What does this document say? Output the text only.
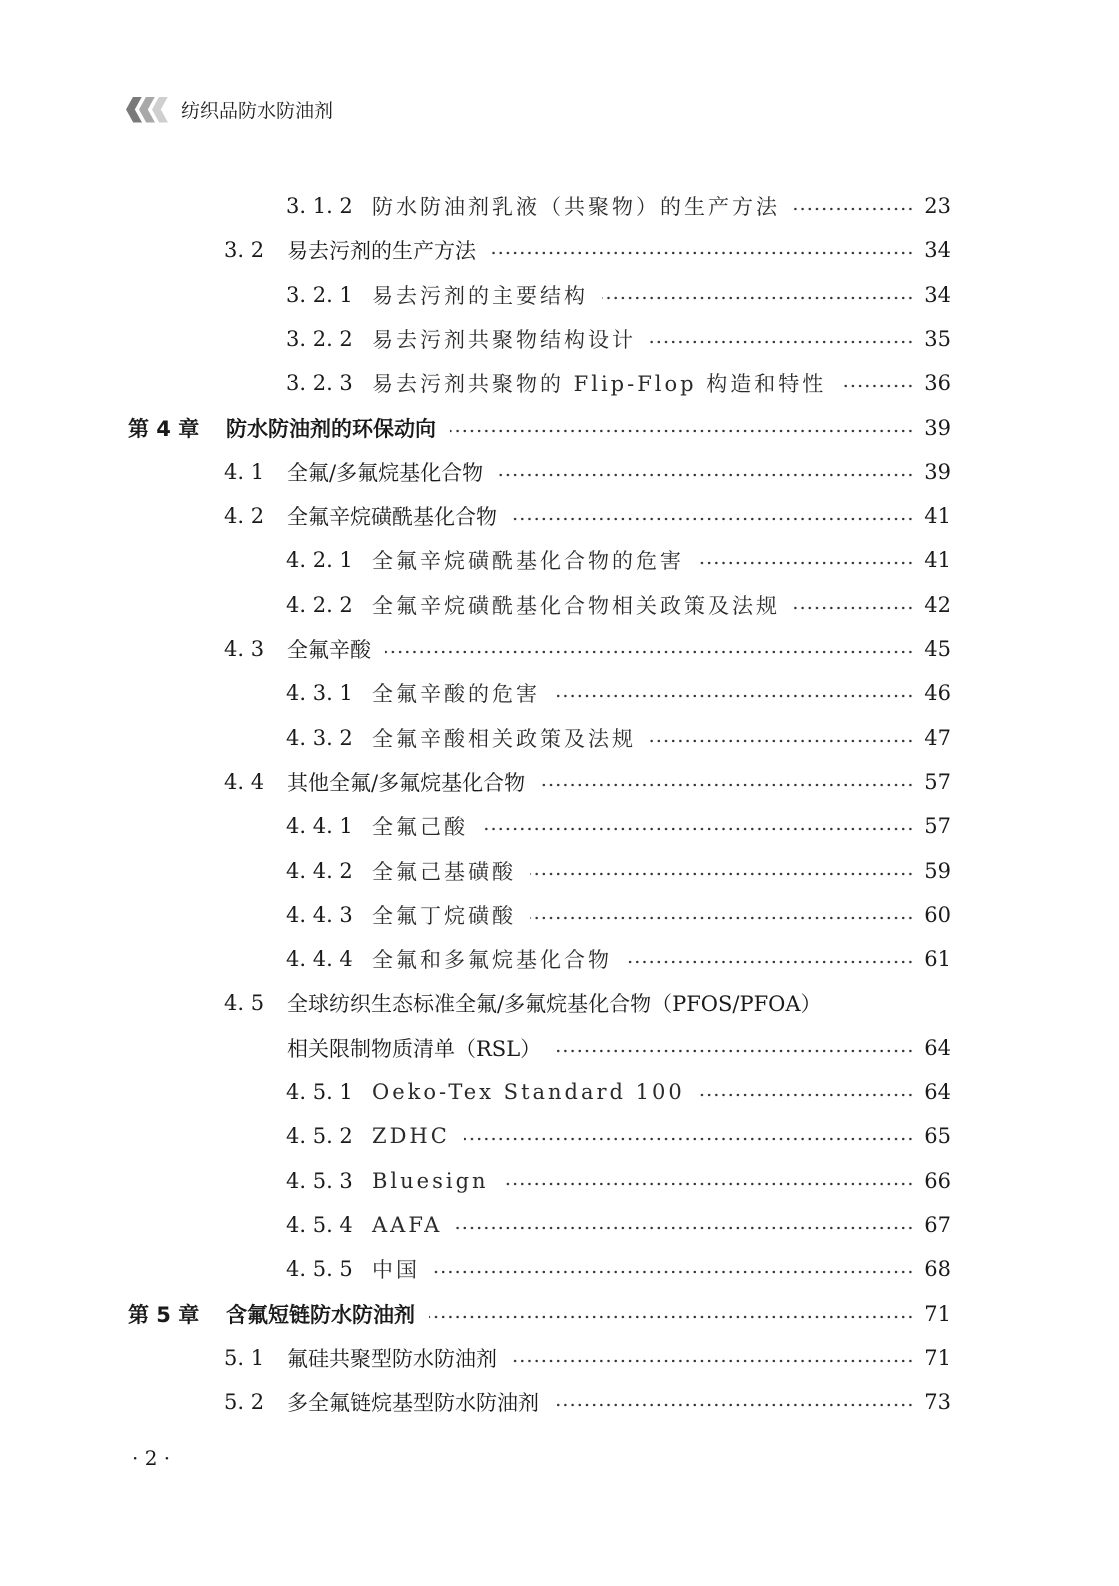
纺织品防水防油剂
3. 1. 2 防水防油剂乳液（共聚物）的生产方法	23
3. 2 易去污剂的生产方法	34
3. 2. 1 易去污剂的主要结构	34
3. 2. 2 易去污剂共聚物结构设计	35
3. 2. 3 易去污剂共聚物的 Flip-Flop 构造和特性	36
第 4 章 防水防油剂的环保动向	39
4. 1 全氟/多氟烷基化合物	39
4. 2 全氟辛烷磺酰基化合物	41
4. 2. 1 全氟辛烷磺酰基化合物的危害	41
4. 2. 2 全氟辛烷磺酰基化合物相关政策及法规	42
4. 3 全氟辛酸	45
4. 3. 1 全氟辛酸的危害	46
4. 3. 2 全氟辛酸相关政策及法规	47
4. 4 其他全氟/多氟烷基化合物	57
4. 4. 1 全氟己酸	57
4. 4. 2 全氟己基磺酸	59
4. 4. 3 全氟丁烷磺酸	60
4. 4. 4 全氟和多氟烷基化合物	61
4. 5 全球纺织生态标准全氟/多氟烷基化合物（PFOS/PFOA）
相关限制物质清单（RSL）	64
4. 5. 1 Oeko-Tex Standard 100	64
4. 5. 2 ZDHC	65
4. 5. 3 Bluesign	66
4. 5. 4 AAFA	67
4. 5. 5 中国	68
第 5 章 含氟短链防水防油剂	71
5. 1 氟硅共聚型防水防油剂	71
5. 2 多全氟链烷基型防水防油剂	73
· 2 ·
